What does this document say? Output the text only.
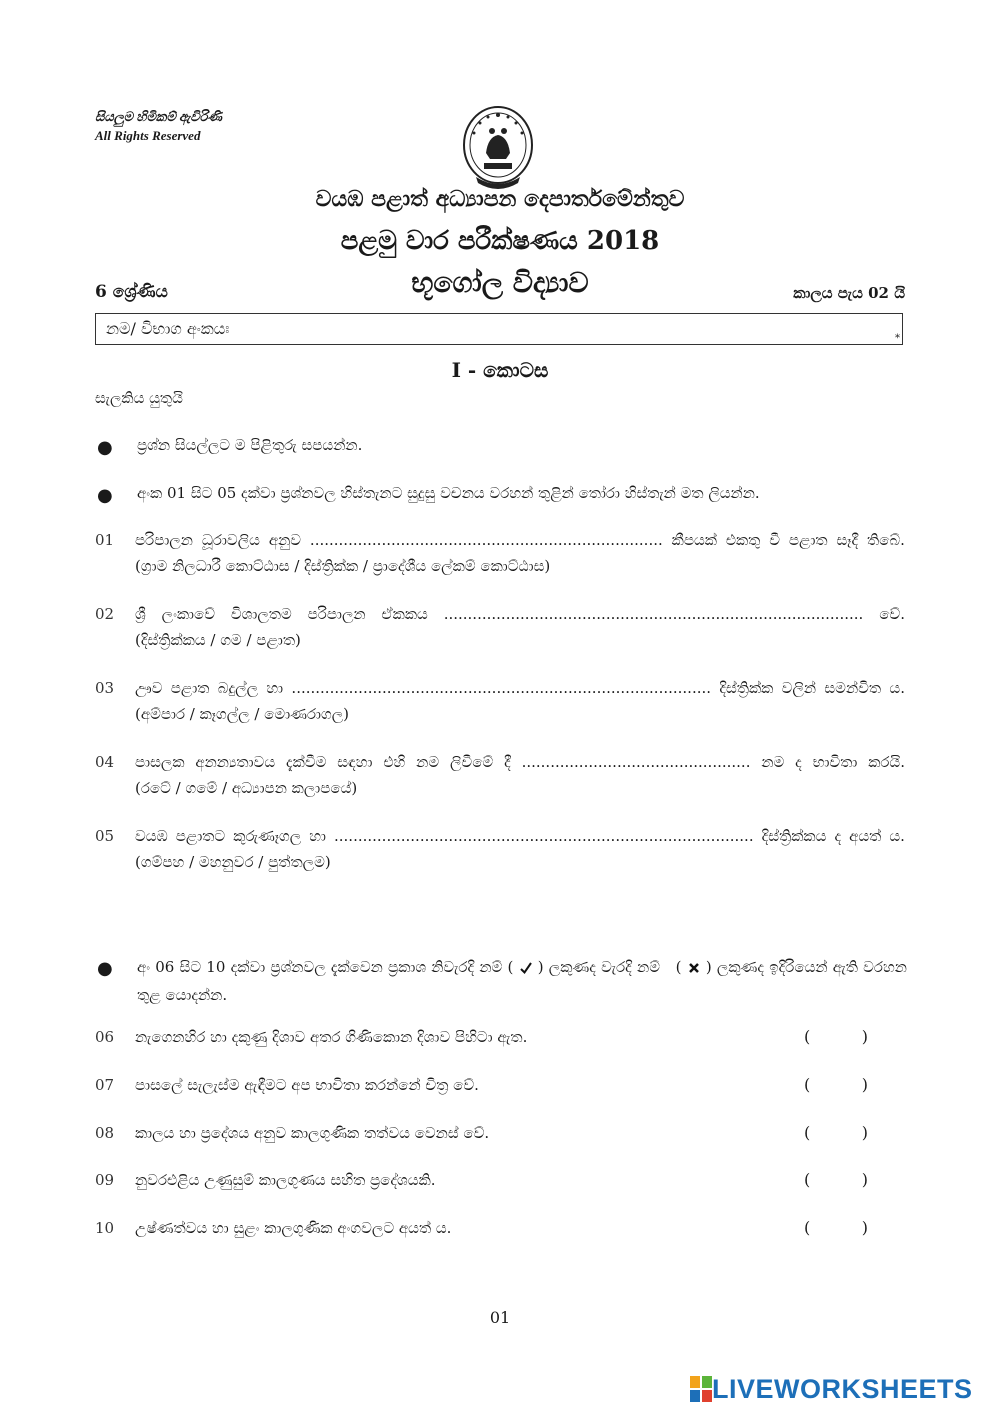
සියලුම හිමිකම් ඇවිරිණි
All Rights Reserved
වයඹ පළාත් අධ්‍යාපන දෙපාර්තමේන්තුව
පළමු වාර පරීක්ෂණය 2018
6 ශ්‍රේණිය	භූගෝල විද්‍යාව	කාලය පැය 02 යි
නම/ විභාග අංකයඃ
*
I - කොටස
සැලකිය යුතුයි
● ප්‍රශ්න සියල්ලට ම පිළිතුරු සපයන්න.
● අංක 01 සිට 05 දක්වා ප්‍රශ්නවල හිස්තැනට සුදුසු වචනය වරහන් තුළින් තෝරා හිස්තැන් මත ලියන්න.
01 පරිපාලන ධූරාවලිය අනුව .......................................................................... කීපයක් එකතු වී පළාත සෑදී තිබේ.
(ග්‍රාම නිලධාරී කොට්ඨාස / දිස්ත්‍රික්ක / ප්‍රාදේශීය ලේකම් කොට්ඨාස)
02 ශ්‍රී ලංකාවේ විශාලතම පරිපාලන ඒකකය ........................................................................................ වේ.
(දිස්ත්‍රික්කය / ගම / පළාත)
03 ඌව පළාත බදුල්ල හා ........................................................................................ දිස්ත්‍රික්ක වලින් සමන්විත ය.
(අම්පාර / කෑගල්ල / මොණරාගල)
04 පාසලක අනන්‍යතාවය දැක්වීම සඳහා එහි නම ලිවීමේ දී ................................................ නම ද භාවිතා කරයි.
(රටේ / ගමේ / අධ්‍යාපන කලාපයේ)
05 වයඹ පළාතට කුරුණෑගල හා ........................................................................................ දිස්ත්‍රික්කය ද අයත් ය.
(ගම්පහ / මහනුවර / පුත්තලම)
● අං 06 සිට 10 දක්වා ප්‍රශ්නවල දැක්වෙන ප්‍රකාශ නිවැරදි නම් ( ) ලකුණද වැරදි නම් ( ) ලකුණද ඉදිරියෙන් ඇති වරහන තුළ යොදන්න.
06 නැගෙනහිර හා දකුණු දිශාව අතර ගිණිකොන දිශාව පිහිටා ඇත.	(	)
07 පාසලේ සැලැස්ම ඇඳීමට අප භාවිතා කරන්නේ චිත්‍ර වේ.	(	)
08 කාලය හා ප්‍රදේශය අනුව කාලගුණික තත්වය වෙනස් වේ.	(	)
09 නුවරඑළිය උණුසුම් කාලගුණය සහිත ප්‍රදේශයකි.	(	)
10 උෂ්ණත්වය හා සුළං කාලගුණික අංගවලට අයත් ය.	(	)
01
LIVEWORKSHEETS
